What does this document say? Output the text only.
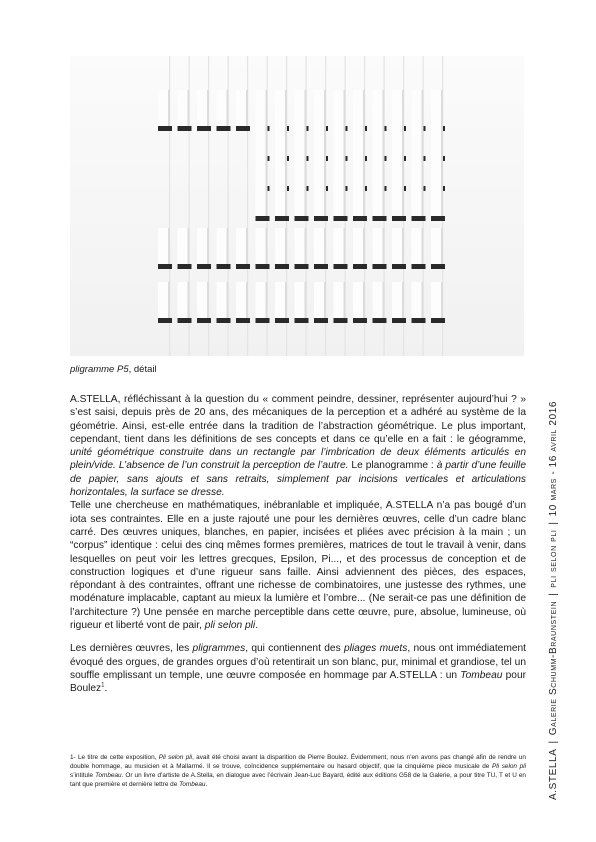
pligramme P5, détail

A.STELLA, réfléchissant à la question du « comment peindre, dessiner, représenter aujourd’hui ? » s’est saisi, depuis près de 20 ans, des mécaniques de la perception et a adhéré au système de la géométrie. Ainsi, est-elle entrée dans la tradition de l’abstraction géométrique. Le plus important, cependant, tient dans les définitions de ses concepts et dans ce qu’elle en a fait : le géogramme, unité géométrique construite dans un rectangle par l’imbrication de deux éléments articulés en plein/vide. L’absence de l’un construit la perception de l’autre. Le planogramme : à partir d’une feuille de papier, sans ajouts et sans retraits, simplement par incisions verticales et articulations horizontales, la surface se dresse.

Telle une chercheuse en mathématiques, inébranlable et impliquée, A.STELLA n’a pas bougé d’un iota ses contraintes. Elle en a juste rajouté une pour les dernières œuvres, celle d’un cadre blanc carré. Des œuvres uniques, blanches, en papier, incisées et pliées avec précision à la main ; un “corpus” identique : celui des cinq mêmes formes premières, matrices de tout le travail à venir, dans lesquelles on peut voir les lettres grecques, Epsilon, Pi..., et des processus de conception et de construction logiques et d’une rigueur sans faille. Ainsi adviennent des pièces, des espaces, répondant à des contraintes, offrant une richesse de combinatoires, une justesse des rythmes, une modénature implacable, captant au mieux la lumière et l’ombre... (Ne serait-ce pas une définition de l’architecture ?) Une pensée en marche perceptible dans cette œuvre, pure, absolue, lumineuse, où rigueur et liberté vont de pair, pli selon pli.

Les dernières œuvres, les pligrammes, qui contiennent des pliages muets, nous ont immédiatement évoqué des orgues, de grandes orgues d’où retentirait un son blanc, pur, minimal et grandiose, tel un souffle emplissant un temple, une œuvre composée en hommage par A.STELLA : un Tombeau pour Boulez$^1$.

1- Le titre de cette exposition, Pli selon pli, avait été choisi avant la disparition de Pierre Boulez. Évidemment, nous n’en avons pas changé afin de rendre un double hommage, au musicien et à Mallarmé. Il se trouve, coïncidence supplémentaire ou hasard objectif, que la cinquième pièce musicale de Pli selon pli s’intitule Tombeau. Or un livre d’artiste de A.Stella, en dialogue avec l’écrivain Jean-Luc Bayard, édité aux éditions G58 de la Galerie, a pour titre TU, T et U en tant que première et dernière lettre de Tombeau.	A.STELLA|Galerie Schumm-Braunstein|pli selon pli|10 mars - 16 avril 2016
